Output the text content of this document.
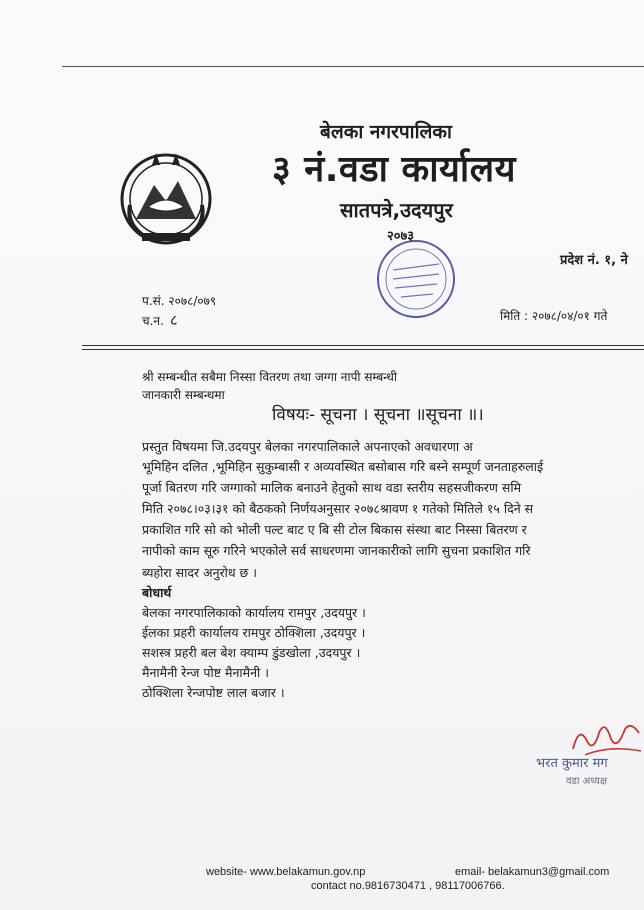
बेलका नगरपालिका
३ नं.वडा कार्यालय
सातपत्रे,उदयपुर
२०७३
प्रदेश नं. १, ने
प.सं. २०७८/०७९
च.न. ८	मिति : २०७८/०४/०१ गते
श्री सम्बन्धीत सबैमा निस्सा वितरण तथा जग्गा नापी सम्बन्धी
जानकारी सम्बन्धमा
विषयः- सूचना । सूचना ॥सूचना ॥।
प्रस्तुत विषयमा जि.उदयपुर बेलका नगरपालिकाले अपनाएको अवधारणा अ
भूमिहिन दलित ,भूमिहिन सुकुम्बासी र अव्यवस्थित बसोबास गरि बस्ने सम्पूर्ण जनताहरुलाई
पूर्जा बितरण गरि जग्गाको मालिक बनाउने हेतुको साथ वडा स्तरीय सहसजीकरण समि
मिति २०७८।०३।३१ को बैठकको निर्णयअनुसार २०७८श्रावण १ गतेको मितिले १५ दिने स
प्रकाशित गरि सो को भोली पल्ट बाट ए बि सी टोल बिकास संस्था बाट निस्सा बितरण र
नापीको काम सूरु गरिने भएकोले सर्व साधरणमा जानकारीको लागि सुचना प्रकाशित गरि
ब्यहोरा सादर अनुरोध छ ।
बोधार्थ
बेलका नगरपालिकाको कार्यालय रामपुर ,उदयपुर ।
ईलका प्रहरी कार्यालय रामपुर ठोक्शिला ,उदयपुर ।
सशस्त्र प्रहरी बल बेश क्याम्प डुंडखोला ,उदयपुर ।
मैनामैनी रेन्ज पोष्ट मैनामैनी ।
ठोक्शिला रेन्जपोष्ट लाल बजार ।
भरत कुमार मग
वडा अध्यक्ष
website- www.belakamun.gov.np	email- belakamun3@gmail.com
contact no.9816730471 , 98117006766.
